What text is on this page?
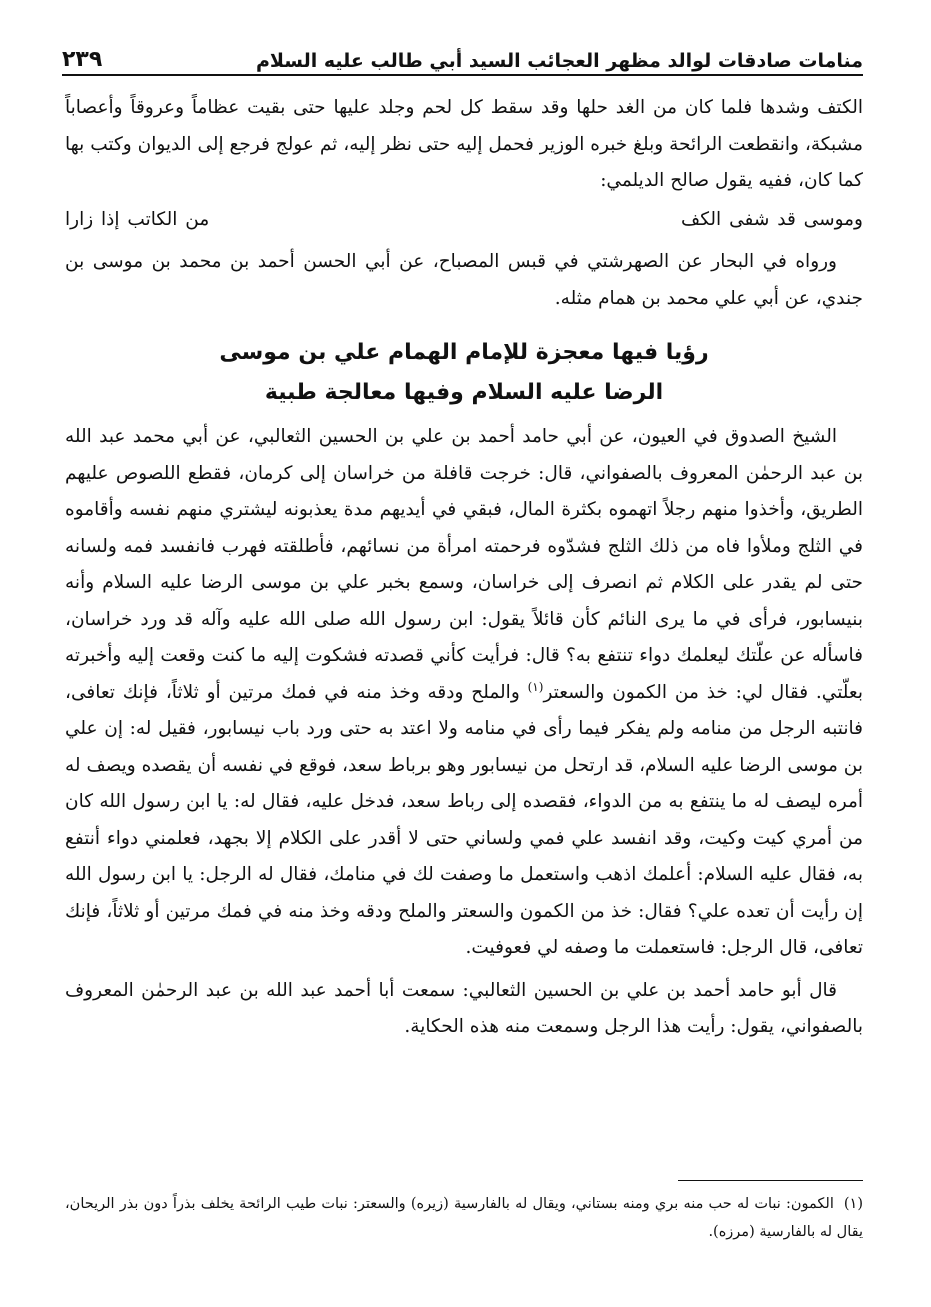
منامات صادقات لوالد مظهر العجائب السيد أبي طالب عليه السلام
٢٣٩

الكتف وشدها فلما كان من الغد حلها وقد سقط كل لحم وجلد عليها حتى بقيت عظاماً وعروقاً وأعصاباً مشبكة، وانقطعت الرائحة وبلغ خبره الوزير فحمل إليه حتى نظر إليه، ثم عولج فرجع إلى الديوان وكتب بها كما كان، ففيه يقول صالح الديلمي:

وموسى قد شفى الكف
من الكاتب إذا زارا

ورواه في البحار عن الصهرشتي في قبس المصباح، عن أبي الحسن أحمد بن محمد بن موسى بن جندي، عن أبي علي محمد بن همام مثله.

رؤيا فيها معجزة للإمام الهمام علي بن موسى
الرضا عليه السلام وفيها معالجة طبية

الشيخ الصدوق في العيون، عن أبي حامد أحمد بن علي بن الحسين الثعالبي، عن أبي محمد عبد الله بن عبد الرحمٰن المعروف بالصفواني، قال: خرجت قافلة من خراسان إلى كرمان، فقطع اللصوص عليهم الطريق، وأخذوا منهم رجلاً اتهموه بكثرة المال، فبقي في أيديهم مدة يعذبونه ليشتري منهم نفسه وأقاموه في الثلج وملأوا فاه من ذلك الثلج فشدّوه فرحمته امرأة من نسائهم، فأطلقته فهرب فانفسد فمه ولسانه حتى لم يقدر على الكلام ثم انصرف إلى خراسان، وسمع بخبر علي بن موسى الرضا عليه السلام وأنه بنيسابور، فرأى في ما يرى النائم كأن قائلاً يقول: ابن رسول الله صلى الله عليه وآله قد ورد خراسان، فاسأله عن علّتك ليعلمك دواء تنتفع به؟ قال: فرأيت كأني قصدته فشكوت إليه ما كنت وقعت إليه وأخبرته بعلّتي. فقال لي: خذ من الكمون والسعتر$^{(١)}$ والملح ودقه وخذ منه في فمك مرتين أو ثلاثاً، فإنك تعافى، فانتبه الرجل من منامه ولم يفكر فيما رأى في منامه ولا اعتد به حتى ورد باب نيسابور، فقيل له: إن علي بن موسى الرضا عليه السلام، قد ارتحل من نيسابور وهو برباط سعد، فوقع في نفسه أن يقصده ويصف له أمره ليصف له ما ينتفع به من الدواء، فقصده إلى رباط سعد، فدخل عليه، فقال له: يا ابن رسول الله كان من أمري كيت وكيت، وقد انفسد علي فمي ولساني حتى لا أقدر على الكلام إلا بجهد، فعلمني دواء أنتفع به، فقال عليه السلام: أعلمك اذهب واستعمل ما وصفت لك في منامك، فقال له الرجل: يا ابن رسول الله إن رأيت أن تعده علي؟ فقال: خذ من الكمون والسعتر والملح ودقه وخذ منه في فمك مرتين أو ثلاثاً، فإنك تعافى، قال الرجل: فاستعملت ما وصفه لي فعوفيت.

قال أبو حامد أحمد بن علي بن الحسين الثعالبي: سمعت أبا أحمد عبد الله بن عبد الرحمٰن المعروف بالصفواني، يقول: رأيت هذا الرجل وسمعت منه هذه الحكاية.

(١)الكمون: نبات له حب منه بري ومنه بستاني، ويقال له بالفارسية (زيره) والسعتر: نبات طيب الرائحة يخلف بذراً دون بذر الريحان، يقال له بالفارسية (مرزه).
